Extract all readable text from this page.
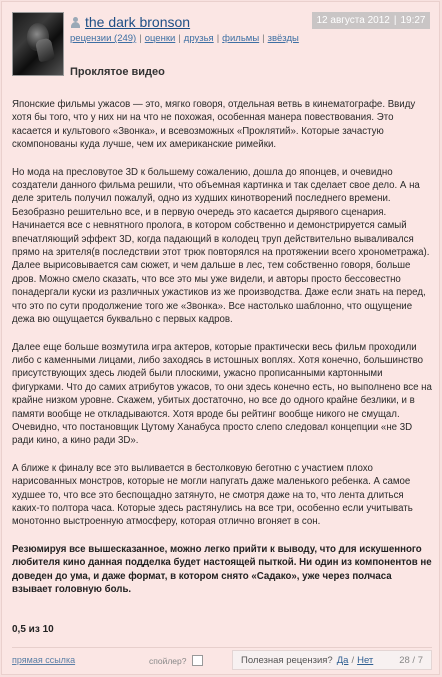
the dark bronson	12 августа 2012 | 19:27
рецензии (249) | оценки | друзья | фильмы | звёзды
Проклятое видео

Японские фильмы ужасов — это, мягко говоря, отдельная ветвь в кинематографе. Ввиду хотя бы того, что у них ни на что не похожая, особенная манера повествования. Это касается и культового «Звонка», и всевозможных «Проклятий». Которые зачастую скомпонованы куда лучше, чем их американские римейки.

Но мода на пресловутое 3D к большему сожалению, дошла до японцев, и очевидно создатели данного фильма решили, что объемная картинка и так сделает свое дело. А на деле зритель получил пожалуй, одно из худших кинотворений последнего времени. Безобразно решительно все, и в первую очередь это касается дырявого сценария. Начинается все с невнятного пролога, в котором собственно и демонстрируется самый впечатляющий эффект 3D, когда падающий в колодец труп действительно вываливался прямо на зрителя(в последствии этот трюк повторялся на протяжении всего хронометража). Далее вырисовывается сам сюжет, и чем дальше в лес, тем собственно говоря, больше дров. Можно смело сказать, что все это мы уже видели, и авторы просто бессовестно понадергали куски из различных ужастиков из же производства. Даже если знать на перед, что это по сути продолжение того же «Звонка». Все настолько шаблонно, что ощущение дежа вю ощущается буквально с первых кадров.

Далее еще больше возмутила игра актеров, которые практически весь фильм проходили либо с каменными лицами, либо заходясь в истошных воплях. Хотя конечно, большинство присутствующих здесь людей были плоскими, ужасно прописанными картонными фигурками. Что до самих атрибутов ужасов, то они здесь конечно есть, но выполнено все на крайне низком уровне. Скажем, убитых достаточно, но все до одного крайне безлики, и в памяти вообще не откладываются. Хотя вроде бы рейтинг вообще никого не смущал. Очевидно, что постановщик Цутому Ханабуса просто слепо следовал концепции «не 3D ради кино, а кино ради 3D».

А ближе к финалу все это выливается в бестолковую беготню с участием плохо нарисованных монстров, которые не могли напугать даже маленького ребенка. А самое худшее то, что все это беспощадно затянуто, не смотря даже на то, что лента длиться каких-то полтора часа. Которые здесь растянулись на все три, особенно если учитывать монотонно выстроенную атмосферу, которая отлично вгоняет в сон.

Резюмируя все вышесказанное, можно легко прийти к выводу, что для искушенного любителя кино данная подделка будет настоящей пыткой. Ни один из компонентов не доведен до ума, и даже формат, в котором снято «Садако», уже через полчаса взывает головную боль.

0,5 из 10
прямая ссылка	спойлер?	Полезная рецензия? Да / Нет	28 / 7
